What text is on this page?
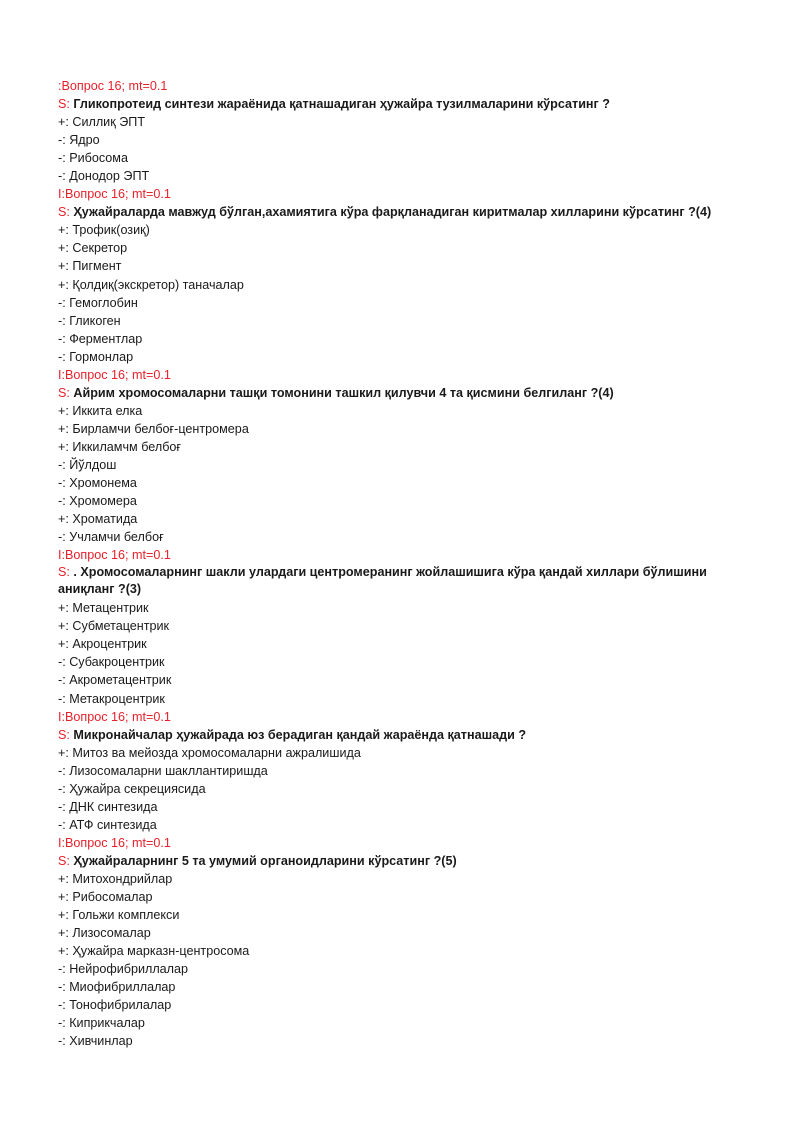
:Вопрос 16; mt=0.1
S: Гликопротеид синтези жараёнида қатнашадиган ҳужайра тузилмаларини кўрсатинг ?
+: Силлиқ ЭПТ
-: Ядро
-: Рибосома
-: Донодор ЭПТ
I:Вопрос 16; mt=0.1
S: Ҳужайраларда мавжуд бўлган,ахамиятига кўра фарқланадиган киритмалар хилларини кўрсатинг ?(4)
+: Трофик(озиқ)
+: Секретор
+: Пигмент
+: Қолдиқ(экскретор) таначалар
-: Гемоглобин
-: Гликоген
-: Ферментлар
-: Гормонлар
I:Вопрос 16; mt=0.1
S: Айрим хромосомаларни ташқи томонини ташкил қилувчи 4 та қисмини белгиланг ?(4)
+: Иккита елка
+: Бирламчи белбоғ-центромера
+: Иккиламчм белбоғ
-: Йўлдош
-: Хромонема
-: Хромомера
+: Хроматида
-: Учламчи белбоғ
I:Вопрос 16; mt=0.1
S: . Хромосомаларнинг шакли улардаги центромеранинг жойлашишига кўра қандай хиллари бўлишини аниқланг ?(3)
+: Метацентрик
+: Субметацентрик
+: Акроцентрик
-: Субакроцентрик
-: Акрометацентрик
-: Метакроцентрик
I:Вопрос 16; mt=0.1
S: Микронайчалар ҳужайрада юз берадиган қандай жараёнда қатнашади ?
+: Митоз ва мейозда хромосомаларни ажралишида
-: Лизосомаларни шакллантиришда
-: Ҳужайра секрециясида
-: ДНК синтезида
-: АТФ синтезида
I:Вопрос 16; mt=0.1
S: Ҳужайраларнинг 5 та умумий органоидларини кўрсатинг ?(5)
+: Митохондрийлар
+: Рибосомалар
+: Гольжи комплекси
+: Лизосомалар
+: Ҳужайра марказн-центросома
-: Нейрофибриллалар
-: Миофибриллалар
-: Тонофибрилалар
-: Киприкчалар
-: Хивчинлар
